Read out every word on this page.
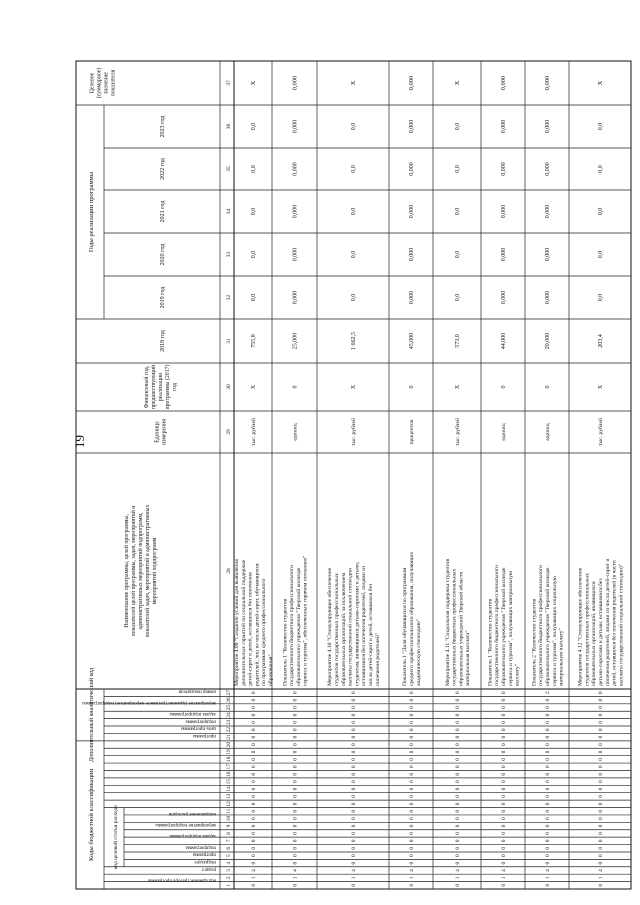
19
Коды бюджетной классификации	код целевой статьи расхода
Дополнительный аналитический код
Годы реализации программы
код администратора программы
раздел
подраздел
программа
подпрограмма
задача подпрограммы
мероприятие подпрограммы
направление расходов
программа
цель программы
подпрограмма
задача подпрограммы
мероприятие (административное мероприятие) подпрограммы
номер показателя
Наименование программы, целей программы,показателей целей программы, задач, мероприятий иадминистративных мероприятий подпрограмм,показателей задач, мероприятий и административныхмероприятий подпрограмм
Единицаизмерения
Финансовый год,предшествующийреализациипрограммы (2017)год
2018 год
2019 год
2020 год
2021 год
2022 год
2023 год
Целевое(суммарное)значениепоказателя
1
2
3
4
5
6
7
8
9
10
11
12
13
14
15
16
17
18
19
20
21
22
23
24
25
26
27
28
29
30
31
32
33
34
35
36
37
0
1
4
0
0
0
0
0
0
0
0
0
0
0
0
0
0
0
0
0
0
0
0
0
0
0
0
Мероприятие 4.09 "Создание условий для выявлениядополнительных гарантий по социальной поддержкедетей-сирот и детей, оставшихся без попеченияродителей, лиц из числа детей-сирот, обучающихсяпо программам среднего профессиональногообразования"
тыс. рублей
X
755,8
0,0
0,0
0,0
0,0
0,0
X
0
1
4
0
0
0
0
0
0
0
0
0
0
0
0
0
0
0
0
0
0
0
0
0
0
0
0
Показатель 1 "Количество студентовгосударственного бюджетного профессиональногообразовательного учреждения "Тверской колледжсервиса и туризма", обеспеченных горячим питанием"
единиц
0
25,000
0,000
0,000
0,000
0,000
0,000
0,000
0
1
4
0
0
0
0
0
0
0
0
0
0
0
0
0
0
0
0
0
0
0
0
0
0
0
0
Мероприятие 4.10 "Стимулирующее обеспечениестудентов государственных профессиональныхобразовательных организаций, за исключениемвыплаты государственной социальной стипендиистудентам, являющимся детьми-сиротами и детьми,оставшимися без попечения родителей, лицами изчисла детей-сирот и детей, оставшихся безпопечения родителей"
тыс. рублей
X
1 662,5
0,0
0,0
0,0
0,0
0,0
X
0
1
4
0
0
0
0
0
0
0
0
0
0
0
0
0
0
0
0
0
0
0
0
0
0
0
0
Показатель 1 "Доля обучающихся по программамсреднего профессионального образования, получающихакадемическую стипендию"
процентов
0
45,000
0,000
0,000
0,000
0,000
0,000
0,000
0
1
4
0
0
0
0
0
0
0
0
0
0
0
0
0
0
0
0
0
0
0
0
0
0
0
0
Мероприятие 4.11 "Социальная поддержка студентовгосударственных бюджетных профессиональныхобразовательных учреждений Тверской областиматериальная выплата"
тыс. рублей
X
573,0
0,0
0,0
0,0
0,0
0,0
X
0
1
4
0
0
0
0
0
0
0
0
0
0
0
0
0
0
0
0
0
0
0
0
0
0
0
0
Показатель 1 "Количество студентовгосударственного бюджетного профессиональногообразовательного учреждения "Тверской колледжсервиса и туризма", получающих материальнуювыплату"
единиц
0
44,000
0,000
0,000
0,000
0,000
0,000
0,000
0
1
4
0
0
0
0
0
0
0
0
0
0
0
0
0
0
0
0
0
0
0
0
0
0
0
2
Показатель 2 "Количество студентовгосударственного бюджетного профессиональногообразовательного учреждения "Тверской колледжсервиса и туризма", получающих социальнуюматериальную выплату"
единиц
0
20,000
0,000
0,000
0,000
0,000
0,000
0,000
0
1
4
0
0
0
0
0
0
0
0
0
0
0
0
0
0
0
0
0
0
0
0
0
0
0
0
Мероприятие 4.12 "Стимулирующее обеспечениестудентов государственных профессиональныхобразовательных организаций, являющихсядетьми-сиротами и детьми, оставшимися безпопечения родителей, лицами из числа детей-сирот идетей, оставшихся без попечения родителей (в частивыплаты государственной социальной стипендии)"
тыс. рублей
X
203,4
0,0
0,0
0,0
0,0
0,0
X
